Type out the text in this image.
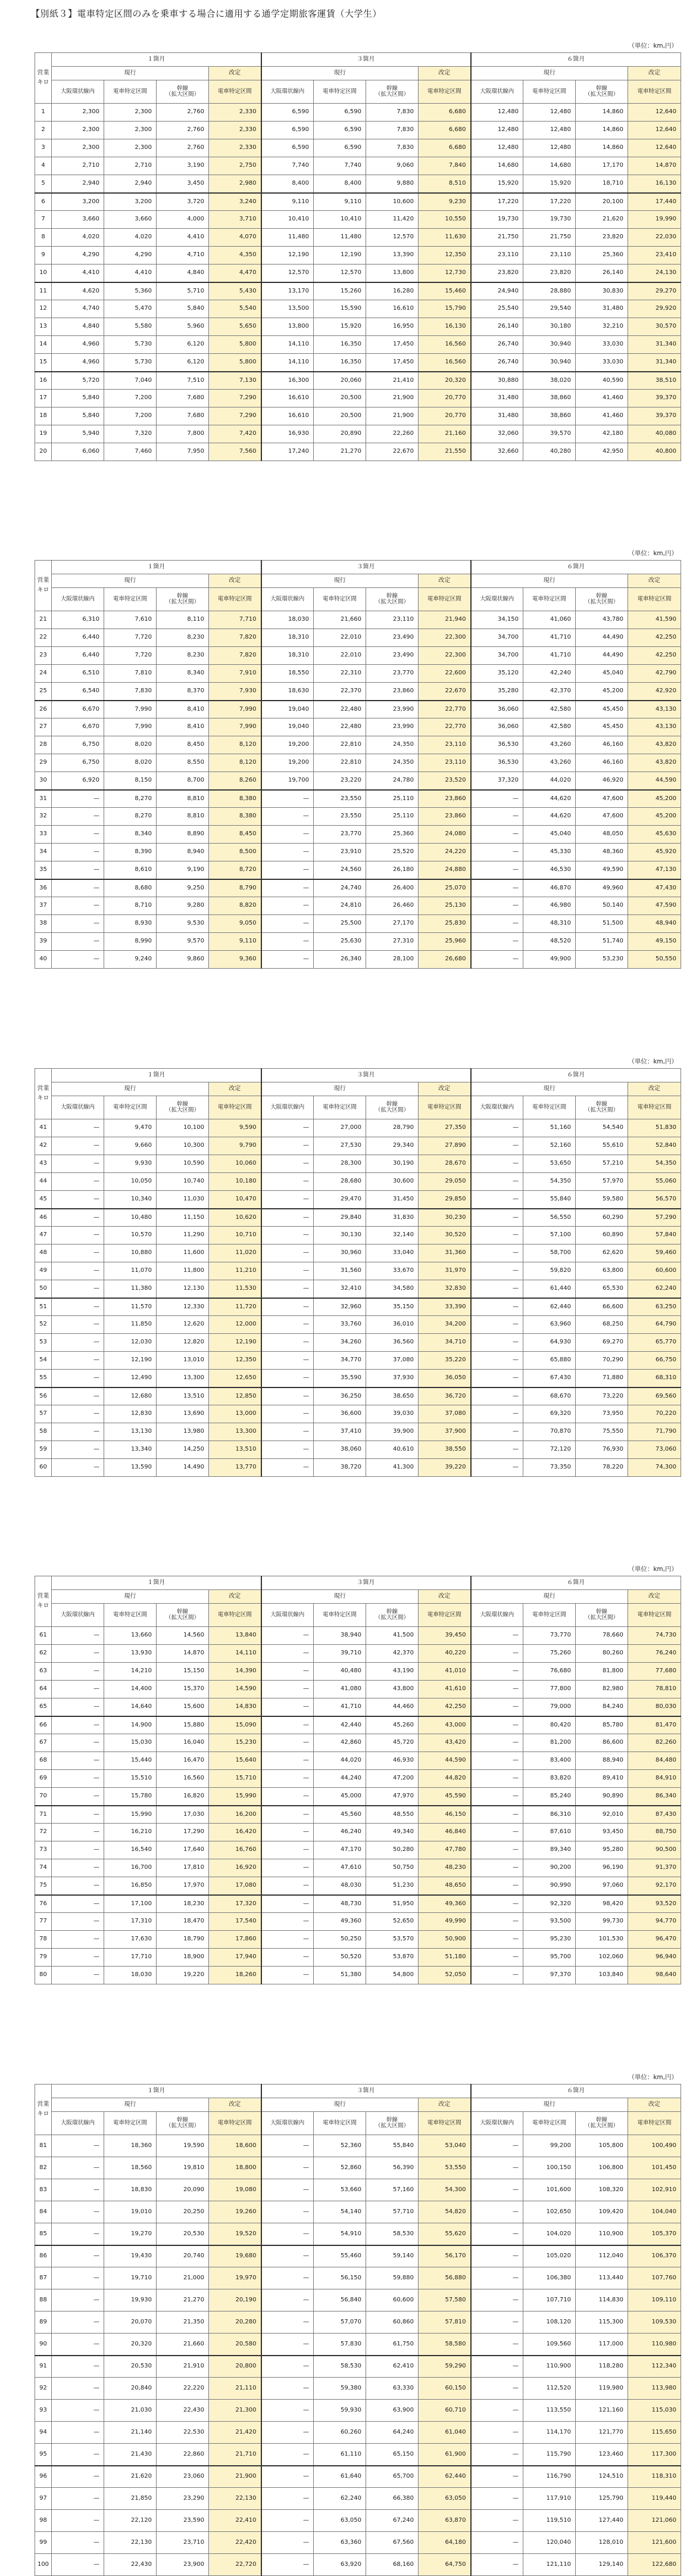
【別紙３】電車特定区間のみを乗車する場合に適用する通学定期旅客運賃（大学生）
（単位：km,円）
営業キロ	１箇月				３箇月				６箇月			
	現行			改定	現行			改定	現行			改定
	大阪環状線内	電車特定区間	幹線
（拡大区間）	電車特定区間	大阪環状線内	電車特定区間	幹線
（拡大区間）	電車特定区間	大阪環状線内	電車特定区間	幹線
（拡大区間）	電車特定区間
1	2,300	2,300	2,760	2,330	6,590	6,590	7,830	6,680	12,480	12,480	14,860	12,640
2	2,300	2,300	2,760	2,330	6,590	6,590	7,830	6,680	12,480	12,480	14,860	12,640
3	2,300	2,300	2,760	2,330	6,590	6,590	7,830	6,680	12,480	12,480	14,860	12,640
4	2,710	2,710	3,190	2,750	7,740	7,740	9,060	7,840	14,680	14,680	17,170	14,870
5	2,940	2,940	3,450	2,980	8,400	8,400	9,880	8,510	15,920	15,920	18,710	16,130
6	3,200	3,200	3,720	3,240	9,110	9,110	10,600	9,230	17,220	17,220	20,100	17,440
7	3,660	3,660	4,000	3,710	10,410	10,410	11,420	10,550	19,730	19,730	21,620	19,990
8	4,020	4,020	4,410	4,070	11,480	11,480	12,570	11,630	21,750	21,750	23,820	22,030
9	4,290	4,290	4,710	4,350	12,190	12,190	13,390	12,350	23,110	23,110	25,360	23,410
10	4,410	4,410	4,840	4,470	12,570	12,570	13,800	12,730	23,820	23,820	26,140	24,130
11	4,620	5,360	5,710	5,430	13,170	15,260	16,280	15,460	24,940	28,880	30,830	29,270
12	4,740	5,470	5,840	5,540	13,500	15,590	16,610	15,790	25,540	29,540	31,480	29,920
13	4,840	5,580	5,960	5,650	13,800	15,920	16,950	16,130	26,140	30,180	32,210	30,570
14	4,960	5,730	6,120	5,800	14,110	16,350	17,450	16,560	26,740	30,940	33,030	31,340
15	4,960	5,730	6,120	5,800	14,110	16,350	17,450	16,560	26,740	30,940	33,030	31,340
16	5,720	7,040	7,510	7,130	16,300	20,060	21,410	20,320	30,880	38,020	40,590	38,510
17	5,840	7,200	7,680	7,290	16,610	20,500	21,900	20,770	31,480	38,860	41,460	39,370
18	5,840	7,200	7,680	7,290	16,610	20,500	21,900	20,770	31,480	38,860	41,460	39,370
19	5,940	7,320	7,800	7,420	16,930	20,890	22,260	21,160	32,060	39,570	42,180	40,080
20	6,060	7,460	7,950	7,560	17,240	21,270	22,670	21,550	32,660	40,280	42,950	40,800
（単位：km,円）
営業キロ	１箇月				３箇月				６箇月			
	現行			改定	現行			改定	現行			改定
	大阪環状線内	電車特定区間	幹線
（拡大区間）	電車特定区間	大阪環状線内	電車特定区間	幹線
（拡大区間）	電車特定区間	大阪環状線内	電車特定区間	幹線
（拡大区間）	電車特定区間
21	6,310	7,610	8,110	7,710	18,030	21,660	23,110	21,940	34,150	41,060	43,780	41,590
22	6,440	7,720	8,230	7,820	18,310	22,010	23,490	22,300	34,700	41,710	44,490	42,250
23	6,440	7,720	8,230	7,820	18,310	22,010	23,490	22,300	34,700	41,710	44,490	42,250
24	6,510	7,810	8,340	7,910	18,550	22,310	23,770	22,600	35,120	42,240	45,040	42,790
25	6,540	7,830	8,370	7,930	18,630	22,370	23,860	22,670	35,280	42,370	45,200	42,920
26	6,670	7,990	8,410	7,990	19,040	22,480	23,990	22,770	36,060	42,580	45,450	43,130
27	6,670	7,990	8,410	7,990	19,040	22,480	23,990	22,770	36,060	42,580	45,450	43,130
28	6,750	8,020	8,450	8,120	19,200	22,810	24,350	23,110	36,530	43,260	46,160	43,820
29	6,750	8,020	8,550	8,120	19,200	22,810	24,350	23,110	36,530	43,260	46,160	43,820
30	6,920	8,150	8,700	8,260	19,700	23,220	24,780	23,520	37,320	44,020	46,920	44,590
31	—	8,270	8,810	8,380	—	23,550	25,110	23,860	—	44,620	47,600	45,200
32	—	8,270	8,810	8,380	—	23,550	25,110	23,860	—	44,620	47,600	45,200
33	—	8,340	8,890	8,450	—	23,770	25,360	24,080	—	45,040	48,050	45,630
34	—	8,390	8,940	8,500	—	23,910	25,520	24,220	—	45,330	48,360	45,920
35	—	8,610	9,190	8,720	—	24,560	26,180	24,880	—	46,530	49,590	47,130
36	—	8,680	9,250	8,790	—	24,740	26,400	25,070	—	46,870	49,960	47,430
37	—	8,710	9,280	8,820	—	24,810	26,460	25,130	—	46,980	50,140	47,590
38	—	8,930	9,530	9,050	—	25,500	27,170	25,830	—	48,310	51,500	48,940
39	—	8,990	9,570	9,110	—	25,630	27,310	25,960	—	48,520	51,740	49,150
40	—	9,240	9,860	9,360	—	26,340	28,100	26,680	—	49,900	53,230	50,550
（単位：km,円）
営業キロ	１箇月				３箇月				６箇月			
	現行			改定	現行			改定	現行			改定
	大阪環状線内	電車特定区間	幹線
（拡大区間）	電車特定区間	大阪環状線内	電車特定区間	幹線
（拡大区間）	電車特定区間	大阪環状線内	電車特定区間	幹線
（拡大区間）	電車特定区間
41	—	9,470	10,100	9,590	—	27,000	28,790	27,350	—	51,160	54,540	51,830
42	—	9,660	10,300	9,790	—	27,530	29,340	27,890	—	52,160	55,610	52,840
43	—	9,930	10,590	10,060	—	28,300	30,190	28,670	—	53,650	57,210	54,350
44	—	10,050	10,740	10,180	—	28,680	30,600	29,050	—	54,350	57,970	55,060
45	—	10,340	11,030	10,470	—	29,470	31,450	29,850	—	55,840	59,580	56,570
46	—	10,480	11,150	10,620	—	29,840	31,830	30,230	—	56,550	60,290	57,290
47	—	10,570	11,290	10,710	—	30,130	32,140	30,520	—	57,100	60,890	57,840
48	—	10,880	11,600	11,020	—	30,960	33,040	31,360	—	58,700	62,620	59,460
49	—	11,070	11,800	11,210	—	31,560	33,670	31,970	—	59,820	63,800	60,600
50	—	11,380	12,130	11,530	—	32,410	34,580	32,830	—	61,440	65,530	62,240
51	—	11,570	12,330	11,720	—	32,960	35,150	33,390	—	62,440	66,600	63,250
52	—	11,850	12,620	12,000	—	33,760	36,010	34,200	—	63,960	68,250	64,790
53	—	12,030	12,820	12,190	—	34,260	36,560	34,710	—	64,930	69,270	65,770
54	—	12,190	13,010	12,350	—	34,770	37,080	35,220	—	65,880	70,290	66,750
55	—	12,490	13,300	12,650	—	35,590	37,930	36,050	—	67,430	71,880	68,310
56	—	12,680	13,510	12,850	—	36,250	38,650	36,720	—	68,670	73,220	69,560
57	—	12,830	13,690	13,000	—	36,600	39,030	37,080	—	69,320	73,950	70,220
58	—	13,130	13,980	13,300	—	37,410	39,900	37,900	—	70,870	75,550	71,790
59	—	13,340	14,250	13,510	—	38,060	40,610	38,550	—	72,120	76,930	73,060
60	—	13,590	14,490	13,770	—	38,720	41,300	39,220	—	73,350	78,220	74,300
（単位：km,円）
営業キロ	１箇月				３箇月				６箇月			
	現行			改定	現行			改定	現行			改定
	大阪環状線内	電車特定区間	幹線
（拡大区間）	電車特定区間	大阪環状線内	電車特定区間	幹線
（拡大区間）	電車特定区間	大阪環状線内	電車特定区間	幹線
（拡大区間）	電車特定区間
61	—	13,660	14,560	13,840	—	38,940	41,500	39,450	—	73,770	78,660	74,730
62	—	13,930	14,870	14,110	—	39,710	42,370	40,220	—	75,260	80,260	76,240
63	—	14,210	15,150	14,390	—	40,480	43,190	41,010	—	76,680	81,800	77,680
64	—	14,400	15,370	14,590	—	41,080	43,800	41,610	—	77,800	82,980	78,810
65	—	14,640	15,600	14,830	—	41,710	44,460	42,250	—	79,000	84,240	80,030
66	—	14,900	15,880	15,090	—	42,440	45,260	43,000	—	80,420	85,780	81,470
67	—	15,030	16,040	15,230	—	42,860	45,720	43,420	—	81,200	86,600	82,260
68	—	15,440	16,470	15,640	—	44,020	46,930	44,590	—	83,400	88,940	84,480
69	—	15,510	16,560	15,710	—	44,240	47,200	44,820	—	83,820	89,410	84,910
70	—	15,780	16,820	15,990	—	45,000	47,970	45,590	—	85,240	90,890	86,340
71	—	15,990	17,030	16,200	—	45,560	48,550	46,150	—	86,310	92,010	87,430
72	—	16,210	17,290	16,420	—	46,240	49,340	46,840	—	87,610	93,450	88,750
73	—	16,540	17,640	16,760	—	47,170	50,280	47,780	—	89,340	95,280	90,500
74	—	16,700	17,810	16,920	—	47,610	50,750	48,230	—	90,200	96,190	91,370
75	—	16,850	17,970	17,080	—	48,030	51,230	48,650	—	90,990	97,060	92,170
76	—	17,100	18,230	17,320	—	48,730	51,950	49,360	—	92,320	98,420	93,520
77	—	17,310	18,470	17,540	—	49,360	52,650	49,990	—	93,500	99,730	94,770
78	—	17,630	18,790	17,860	—	50,250	53,570	50,900	—	95,230	101,530	96,470
79	—	17,710	18,900	17,940	—	50,520	53,870	51,180	—	95,700	102,060	96,940
80	—	18,030	19,220	18,260	—	51,380	54,800	52,050	—	97,370	103,840	98,640
（単位：km,円）
営業キロ	１箇月				３箇月				６箇月			
	現行			改定	現行			改定	現行			改定
	大阪環状線内	電車特定区間	幹線
（拡大区間）	電車特定区間	大阪環状線内	電車特定区間	幹線
（拡大区間）	電車特定区間	大阪環状線内	電車特定区間	幹線
（拡大区間）	電車特定区間
81	—	18,360	19,590	18,600	—	52,360	55,840	53,040	—	99,200	105,800	100,490
82	—	18,560	19,810	18,800	—	52,860	56,390	53,550	—	100,150	106,800	101,450
83	—	18,830	20,090	19,080	—	53,660	57,160	54,300	—	101,600	108,320	102,910
84	—	19,010	20,250	19,260	—	54,140	57,710	54,820	—	102,650	109,420	104,040
85	—	19,270	20,530	19,520	—	54,910	58,530	55,620	—	104,020	110,900	105,370
86	—	19,430	20,740	19,680	—	55,460	59,140	56,170	—	105,020	112,040	106,370
87	—	19,710	21,000	19,970	—	56,150	59,880	56,880	—	106,380	113,440	107,760
88	—	19,930	21,270	20,190	—	56,840	60,600	57,580	—	107,710	114,830	109,110
89	—	20,070	21,350	20,280	—	57,070	60,860	57,810	—	108,120	115,300	109,530
90	—	20,320	21,660	20,580	—	57,830	61,750	58,580	—	109,560	117,000	110,980
91	—	20,530	21,910	20,800	—	58,530	62,410	59,290	—	110,900	118,280	112,340
92	—	20,840	22,220	21,110	—	59,380	63,330	60,150	—	112,520	119,980	113,980
93	—	21,030	22,430	21,300	—	59,930	63,900	60,710	—	113,550	121,160	115,030
94	—	21,140	22,530	21,420	—	60,260	64,240	61,040	—	114,170	121,770	115,650
95	—	21,430	22,860	21,710	—	61,110	65,150	61,900	—	115,790	123,460	117,300
96	—	21,620	23,060	21,900	—	61,640	65,700	62,440	—	116,790	124,510	118,310
97	—	21,850	23,290	22,130	—	62,240	66,380	63,050	—	117,910	125,790	119,440
98	—	22,120	23,590	22,410	—	63,050	67,240	63,870	—	119,510	127,440	121,060
99	—	22,130	23,710	22,420	—	63,360	67,560	64,180	—	120,040	128,010	121,600
100	—	22,430	23,900	22,720	—	63,920	68,160	64,750	—	121,110	129,140	122,680
